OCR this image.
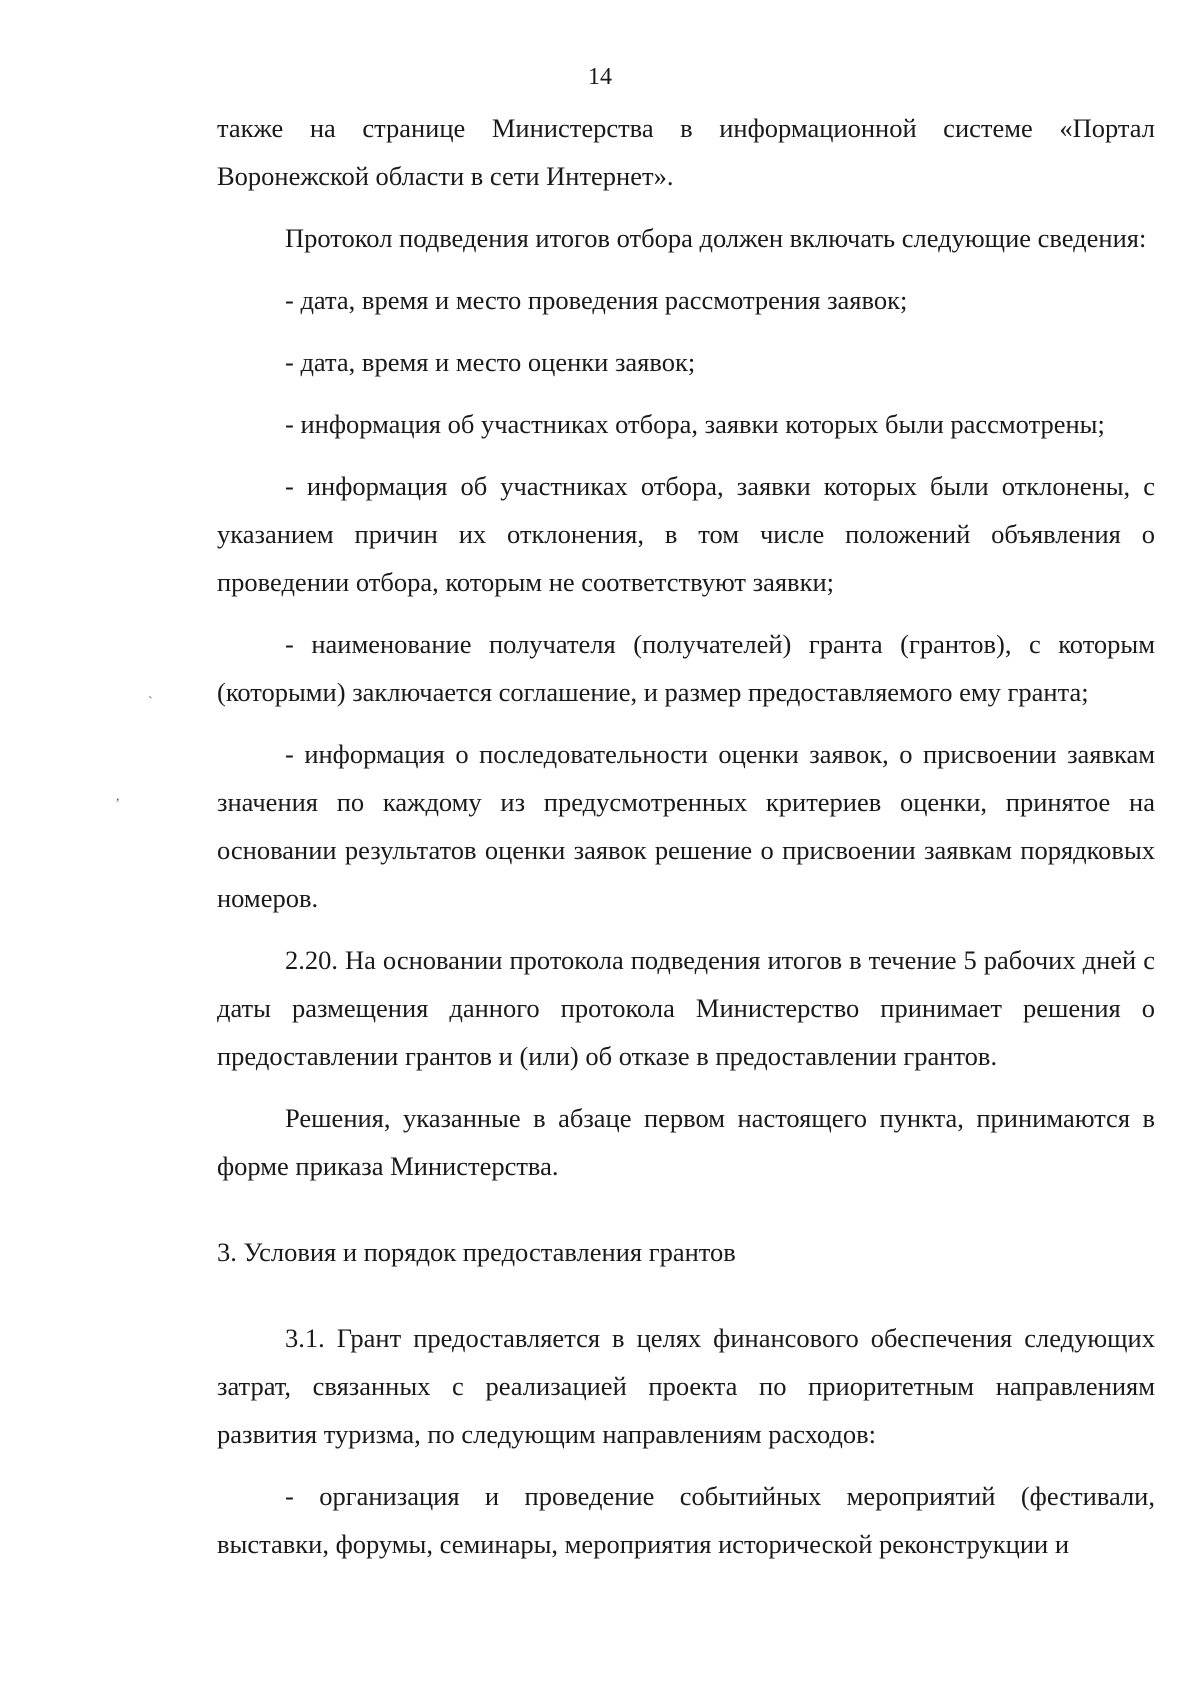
14

также на странице Министерства в информационной системе «Портал Воронежской области в сети Интернет».

Протокол подведения итогов отбора должен включать следующие сведения:

- дата, время и место проведения рассмотрения заявок;

- дата, время и место оценки заявок;

- информация об участниках отбора, заявки которых были рассмотрены;

- информация об участниках отбора, заявки которых были отклонены, с указанием причин их отклонения, в том числе положений объявления о проведении отбора, которым не соответствуют заявки;

- наименование получателя (получателей) гранта (грантов), с которым (которыми) заключается соглашение, и размер предоставляемого ему гранта;

- информация о последовательности оценки заявок, о присвоении заявкам значения по каждому из предусмотренных критериев оценки, принятое на основании результатов оценки заявок решение о присвоении заявкам порядковых номеров.

2.20. На основании протокола подведения итогов в течение 5 рабочих дней с даты размещения данного протокола Министерство принимает решения о предоставлении грантов и (или) об отказе в предоставлении грантов.

Решения, указанные в абзаце первом настоящего пункта, принимаются в форме приказа Министерства.

3. Условия и порядок предоставления грантов

3.1. Грант предоставляется в целях финансового обеспечения следующих затрат, связанных с реализацией проекта по приоритетным направлениям развития туризма, по следующим направлениям расходов:

- организация и проведение событийных мероприятий (фестивали, выставки, форумы, семинары, мероприятия исторической реконструкции и

`
,
